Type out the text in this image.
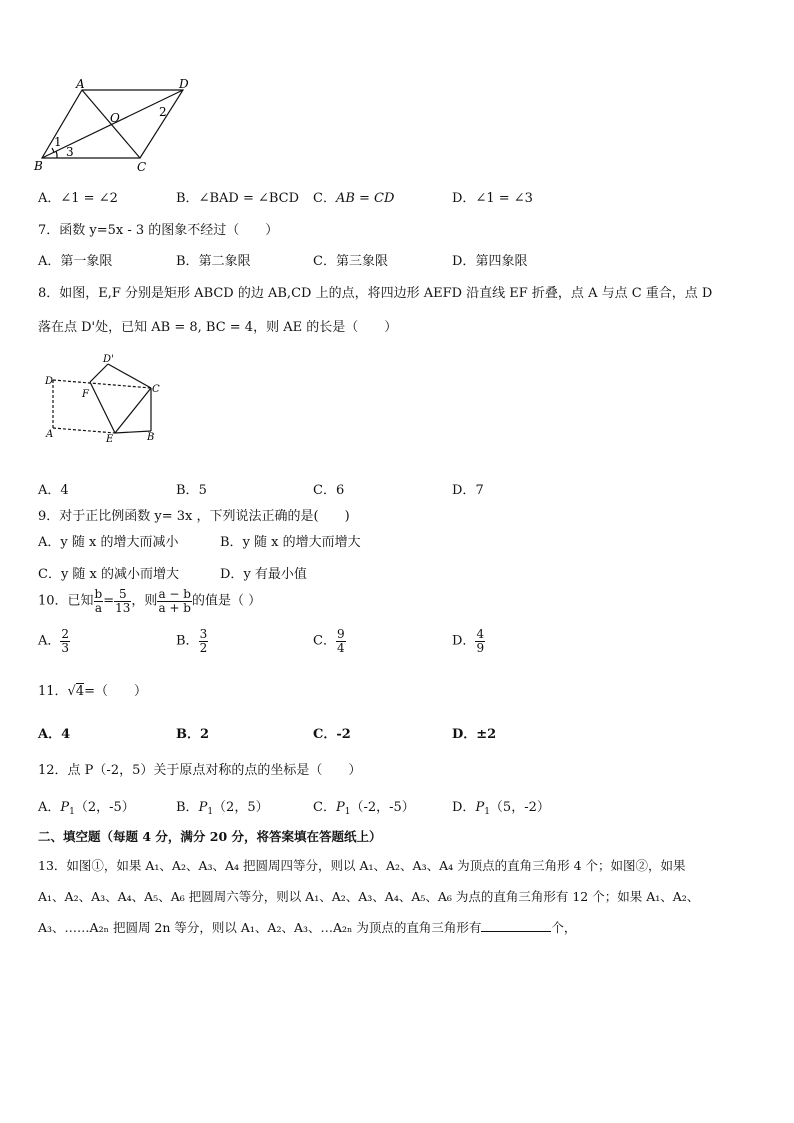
A	D
O
B	C
1
2
3
A．∠1 = ∠2	B．∠BAD = ∠BCD C．AB = CD	D．∠1 = ∠3
7．函数 y=5x - 3 的图象不经过（　　）
A．第一象限	B．第二象限	C．第三象限	D．第四象限
8．如图，E,F 分别是矩形 ABCD 的边 AB,CD 上的点，将四边形 AEFD 沿直线 EF 折叠，点 A 与点 C 重合，点 D
落在点 D'处，已知 AB = 8, BC = 4，则 AE 的长是（　　）
D'
D
F	C
A	E	B
A．4	B．5	C．6	D．7
9．对于正比例函数 y= 3x ，下列说法正确的是(　　)
A．y 随 x 的增大而减小	B．y 随 x 的增大而增大
C．y 随 x 的减小而增大	D．y 有最小值
10．已知 $\frac{b}{a} = \frac{5}{13}$ ，则 $\frac{a - b}{a + b}$ 的值是（ ）
A． $\frac{2}{3}$	B． $\frac{3}{2}$	C． $\frac{9}{4}$	D． $\frac{4}{9}$
11．√4=（　　）
A．4	B．2	C．-2	D．±2
12．点 P（-2，5）关于原点对称的点的坐标是（　　）
A．$P_1(2$，-5）	B．$P_1(2$，5）	C．$P_1(-2$，-5）	D．$P_1(5$，-2）
二、填空题（每题 4 分，满分 20 分，将答案填在答题纸上）
13．如图①，如果 A₁、A₂、A₃、A₄ 把圆周四等分，则以 A₁、A₂、A₃、A₄ 为顶点的直角三角形 4 个；如图②，如果
A₁、A₂、A₃、A₄、A₅、A₆ 把圆周六等分，则以 A₁、A₂、A₃、A₄、A₅、A₆ 为点的直角三角形有 12 个；如果 A₁、A₂、
A₃、……A₂ₙ 把圆周 2n 等分，则以 A₁、A₂、A₃、…A₂ₙ 为顶点的直角三角形有	个，
